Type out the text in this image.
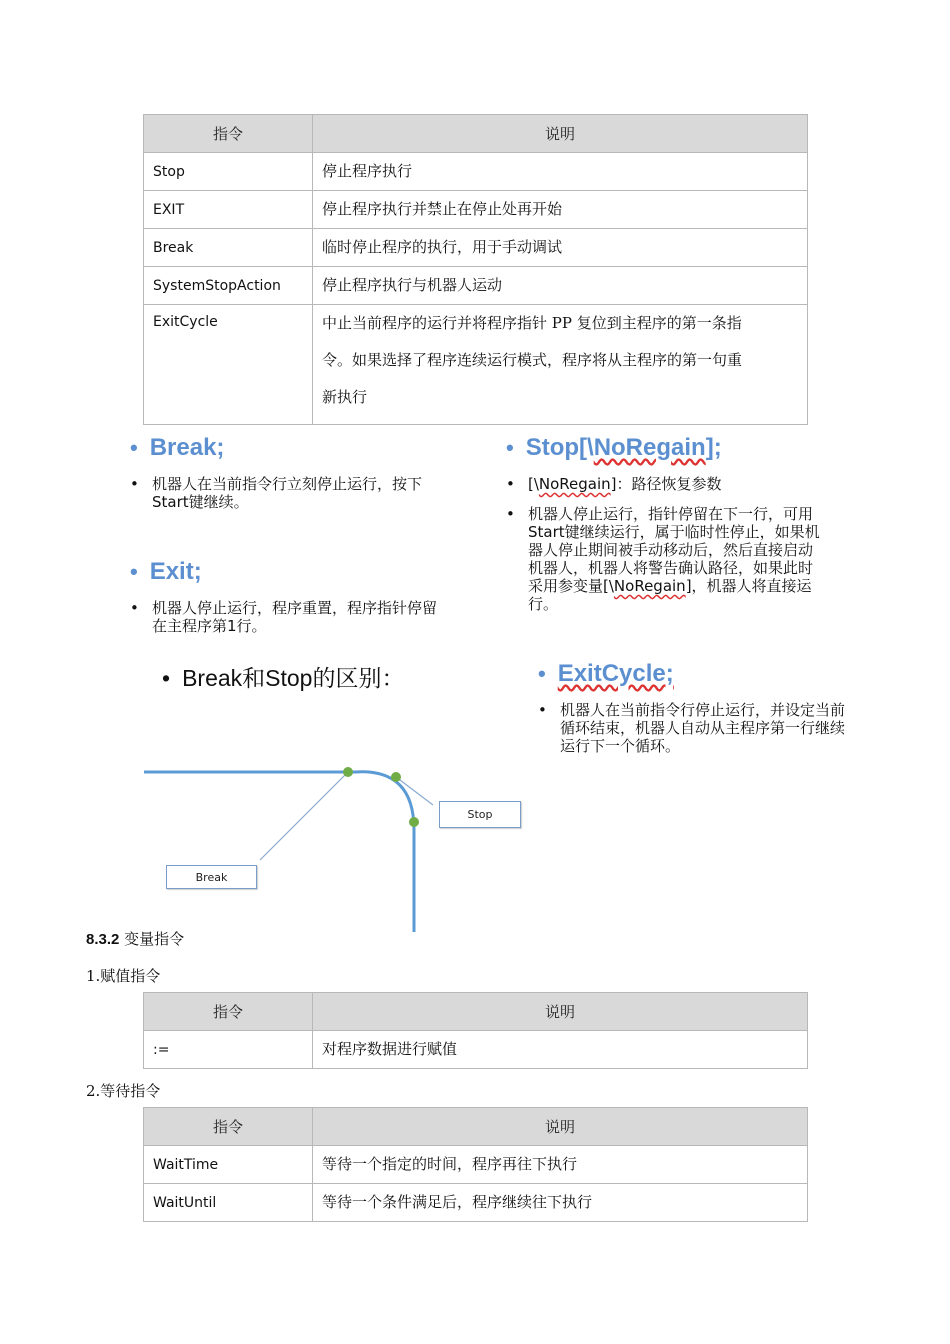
指令	说明
Stop	停止程序执行
EXIT	停止程序执行并禁止在停止处再开始
Break	临时停止程序的执行，用于手动调试
SystemStopAction	停止程序执行与机器人运动
ExitCycle	中止当前程序的运行并将程序指针 PP 复位到主程序的第一条指
令。如果选择了程序连续运行模式，程序将从主程序的第一句重
新执行
• Break;
• 机器人在当前指令行立刻停止运行，按下
Start键继续。
• Stop[\NoRegain];
• [\NoRegain]：路径恢复参数
• 机器人停止运行，指针停留在下一行，可用
Start键继续运行，属于临时性停止，如果机
器人停止期间被手动移动后，然后直接启动
机器人，机器人将警告确认路径，如果此时
采用参变量[\NoRegain]，机器人将直接运
行。
• Exit;
• 机器人停止运行，程序重置，程序指针停留
在主程序第1行。
• Break和Stop的区别：	• ExitCycle;
• 机器人在当前指令行停止运行，并设定当前
循环结束，机器人自动从主程序第一行继续
运行下一个循环。
Stop
Break
8.3.2 变量指令
1.赋值指令
指令	说明
:=	对程序数据进行赋值
2.等待指令
指令	说明
WaitTime	等待一个指定的时间，程序再往下执行
WaitUntil	等待一个条件满足后，程序继续往下执行
